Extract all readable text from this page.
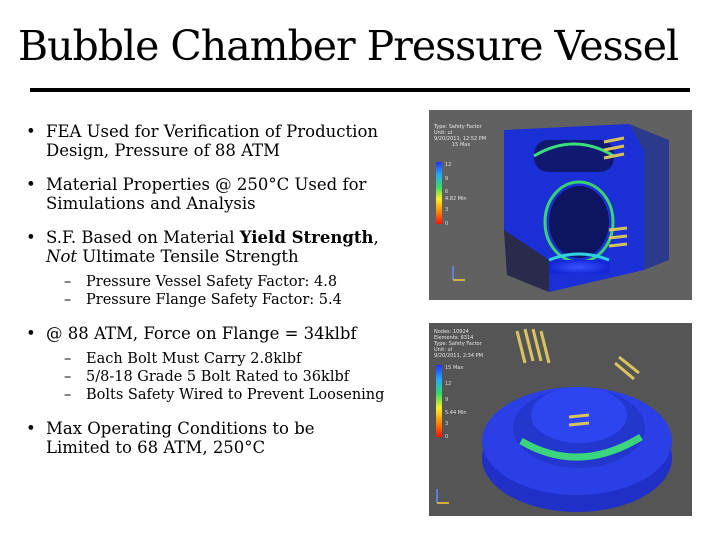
Bubble Chamber Pressure Vessel
• FEA Used for Verification of Production
Design, Pressure of 88 ATM
• Material Properties @ 250°C Used for
Simulations and Analysis
• S.F. Based on Material Yield Strength,
Not Ultimate Tensile Strength
– Pressure Vessel Safety Factor: 4.8
– Pressure Flange Safety Factor: 5.4
• @ 88 ATM, Force on Flange = 34klbf
– Each Bolt Must Carry 2.8klbf
– 5/8-18 Grade 5 Bolt Rated to 36klbf
– Bolts Safety Wired to Prevent Loosening
• Max Operating Conditions to be
Limited to 68 ATM, 250°C
Type: Safety Factor
Unit: ul
9/20/2011, 12:52 PM
15 Max
12
9
6
4.82 Min
3
0
Nodes: 10924
Elements: 6314
Type: Safety Factor
Unit: ul
9/20/2011, 2:34 PM
15 Max
12
9
5.44 Min
3
0
